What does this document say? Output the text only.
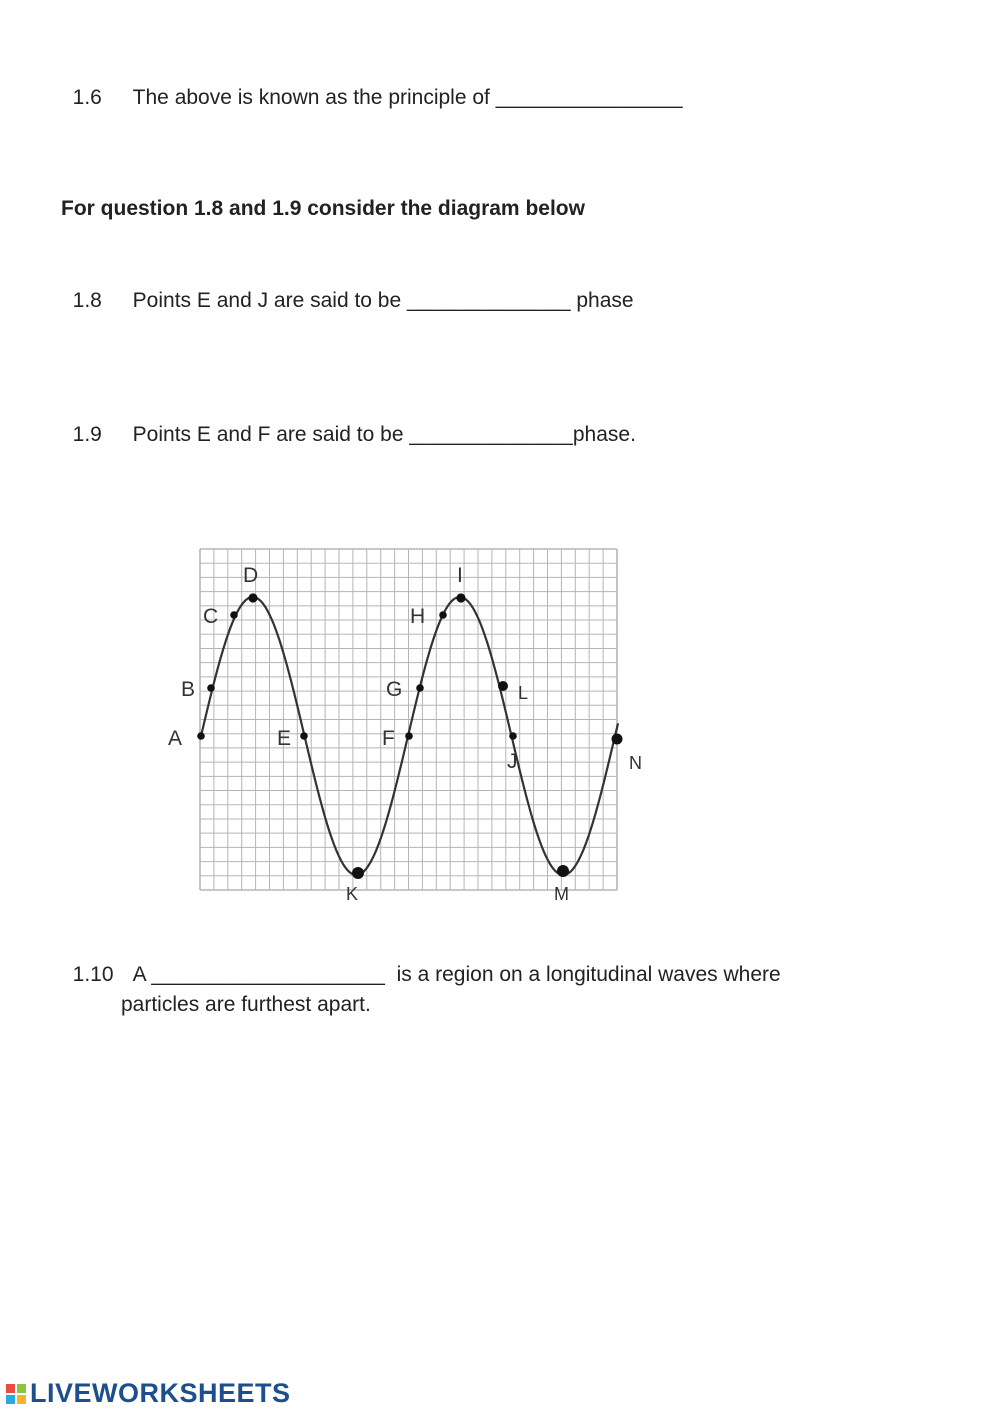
1.6 The above is known as the principle of ________________

For question 1.8 and 1.9 consider the diagram below

1.8 Points E and J are said to be ______________ phase

1.9 Points E and F are said to be ______________phase.

A
B
C
D
E	F
G
H
I
J
K
L
M
N

1.10 A ____________________  is a region on a longitudinal waves where

particles are furthest apart.
LIVEWORKSHEETS
